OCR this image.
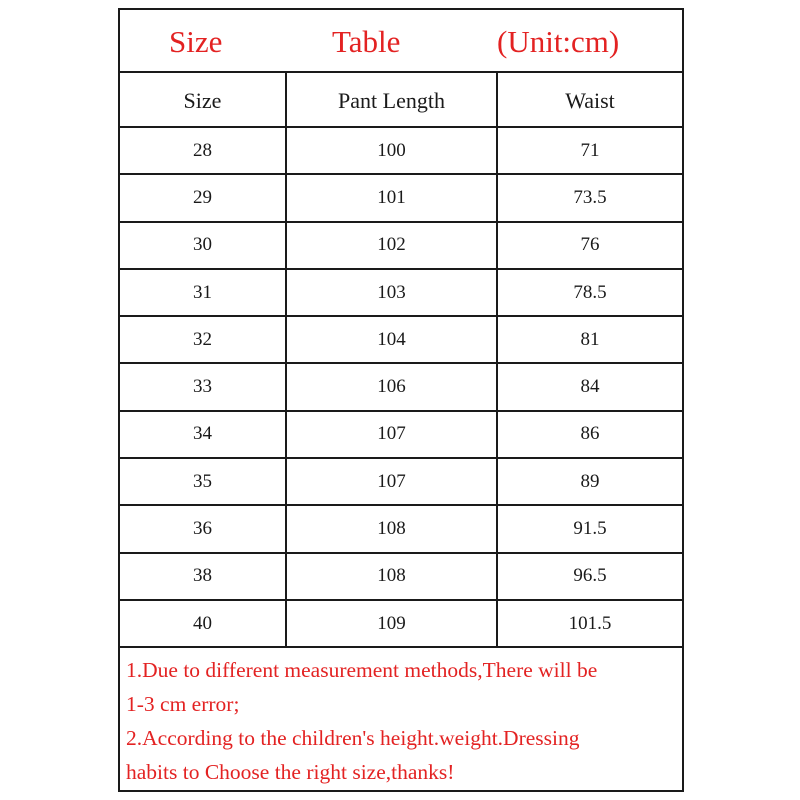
Size	Table	(Unit:cm)
Size	Pant Length	Waist
28	100	71
29	101	73.5
30	102	76
31	103	78.5
32	104	81
33	106	84
34	107	86
35	107	89
36	108	91.5
38	108	96.5
40	109	101.5
1.Due to different measurement methods,There will be
1-3 cm error;
2.According to the children's height.weight.Dressing
habits to Choose the right size,thanks!
